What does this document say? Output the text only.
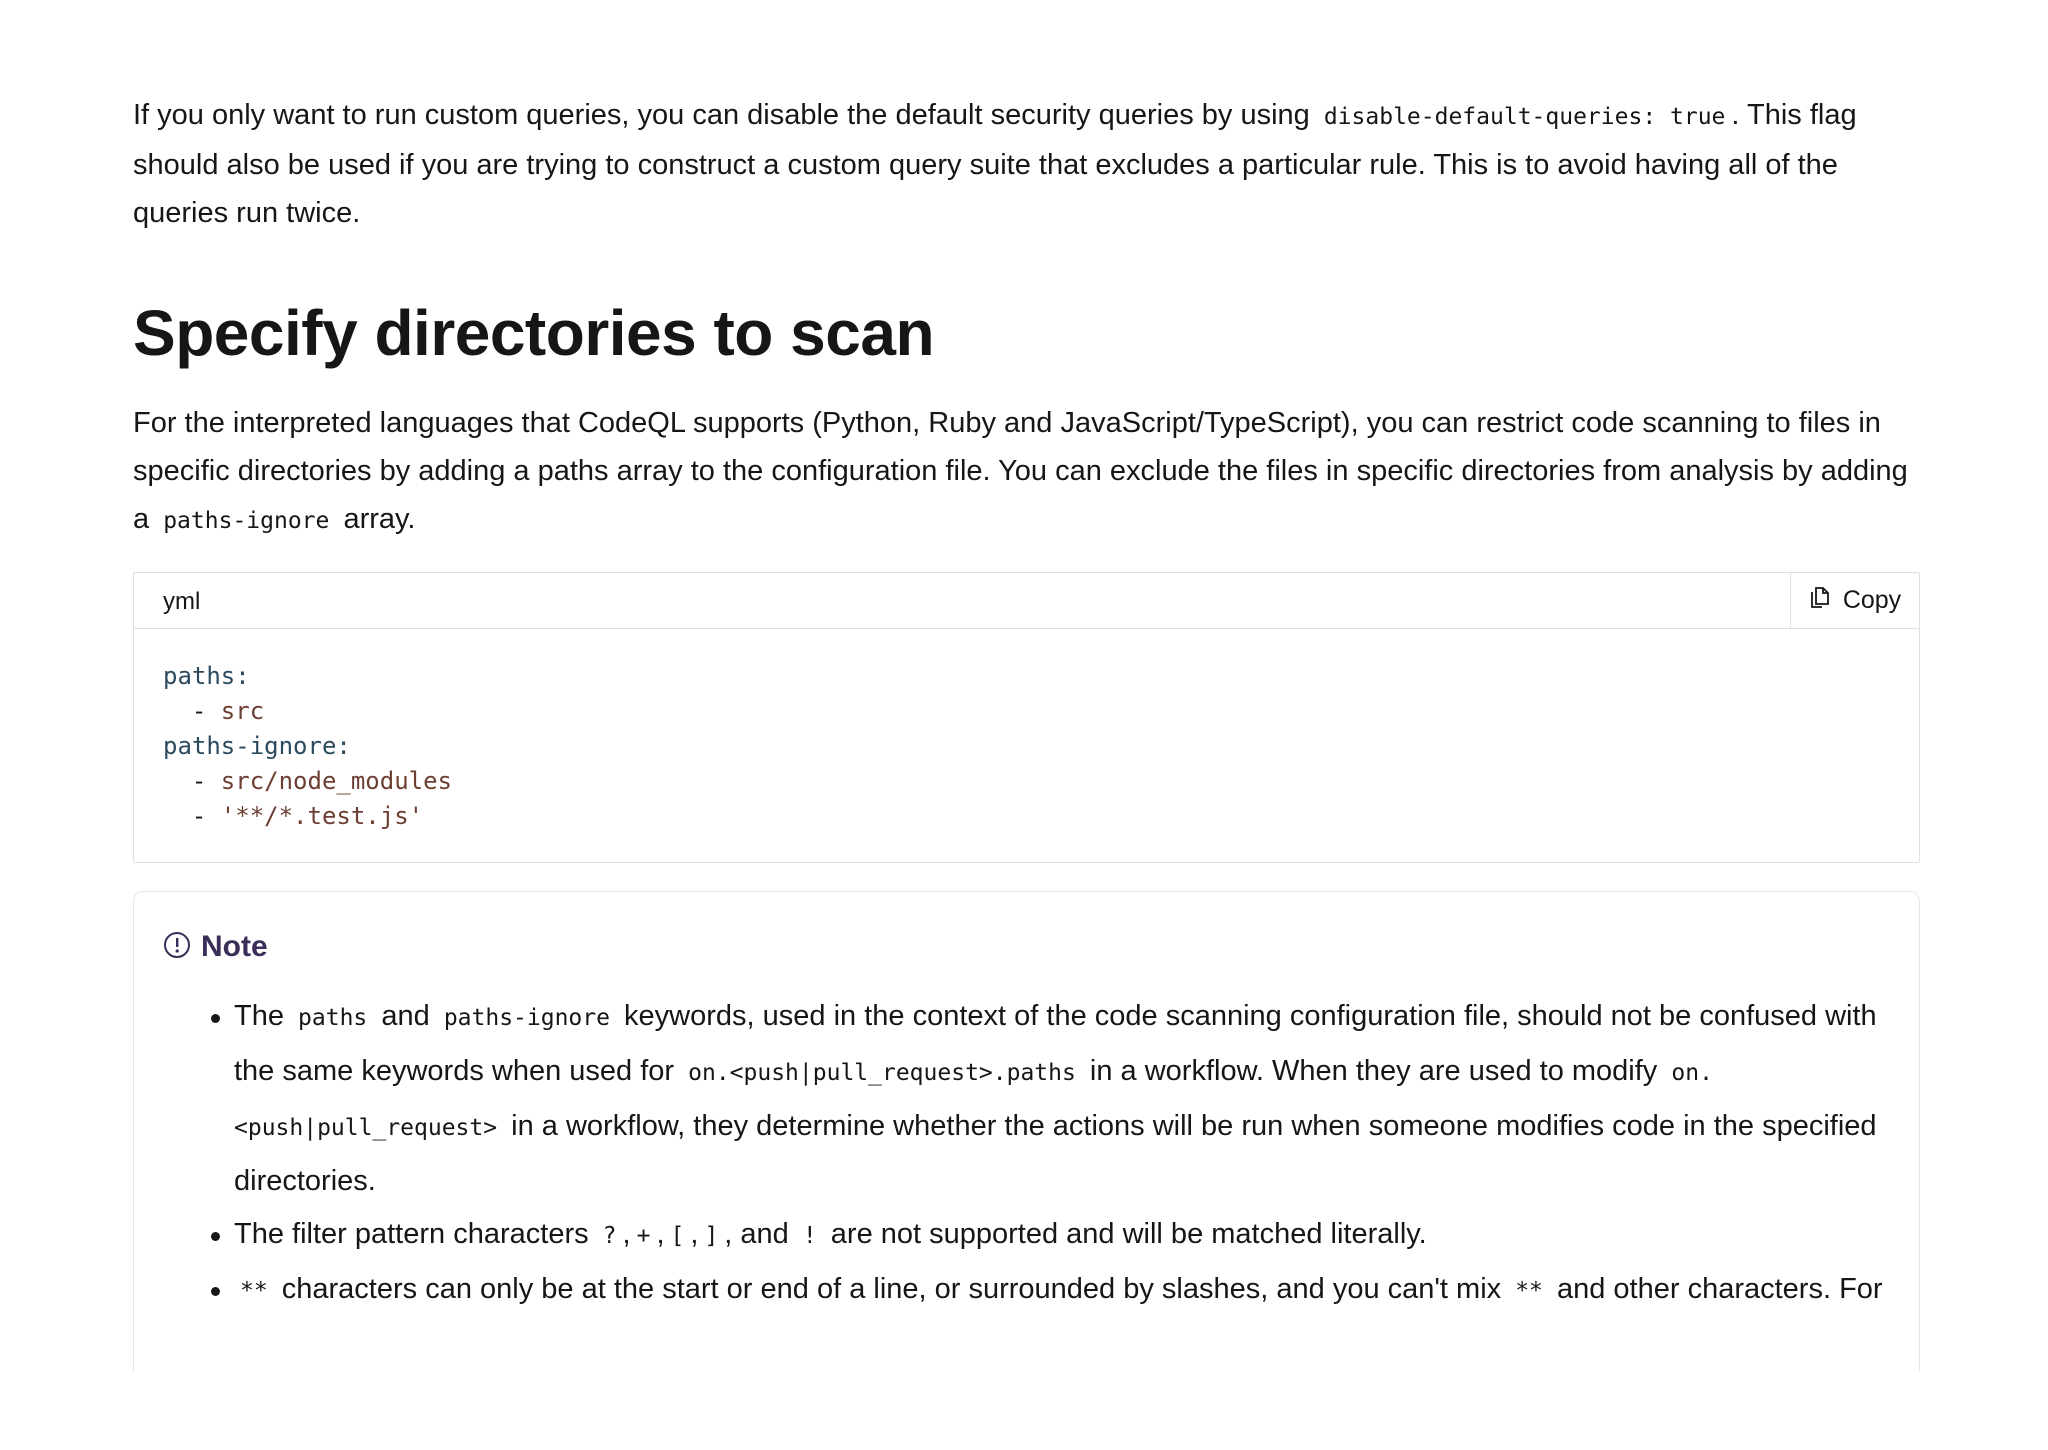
If you only want to run custom queries, you can disable the default security queries by using disable-default-queries: true . This flag should also be used if you are trying to construct a custom query suite that excludes a particular rule. This is to avoid having all of the queries run twice.

Specify directories to scan

For the interpreted languages that CodeQL supports (Python, Ruby and JavaScript/TypeScript), you can restrict code scanning to files in specific directories by adding a paths array to the configuration file. You can exclude the files in specific directories from analysis by adding a paths-ignore array.

yml	Copy
paths:
- src
paths-ignore:
- src/node_modules
- '**/*.test.js'
Note
The paths and paths-ignore keywords, used in the context of the code scanning configuration file, should not be confused with the same keywords when used for on.<push|pull_request>.paths in a workflow. When they are used to modify on.<push|pull_request> in a workflow, they determine whether the actions will be run when someone modifies code in the specified directories.
The filter pattern characters ? , + , [ , ] , and ! are not supported and will be matched literally.
** characters can only be at the start or end of a line, or surrounded by slashes, and you can't mix ** and other characters. For
